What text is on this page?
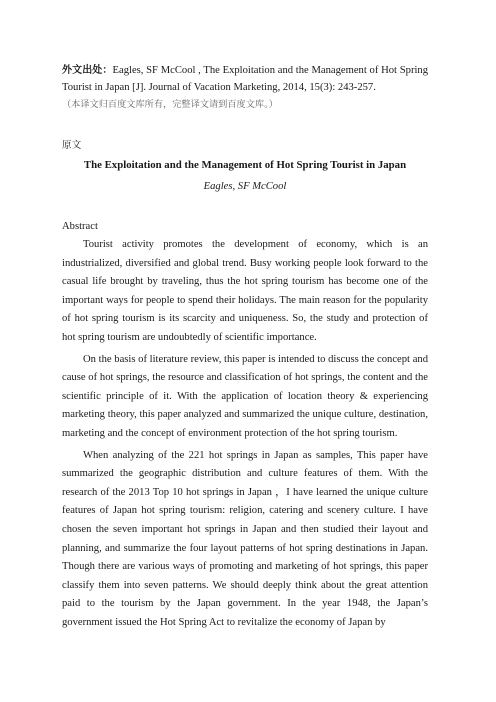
外文出处：Eagles, SF McCool , The Exploitation and the Management of Hot Spring Tourist in Japan [J]. Journal of Vacation Marketing, 2014, 15(3): 243-257.
（本译文归百度文库所有，完整译文请到百度文库。）
原文
The Exploitation and the Management of Hot Spring Tourist in Japan
Eagles, SF McCool
Abstract

Tourist activity promotes the development of economy, which is an industrialized, diversified and global trend. Busy working people look forward to the casual life brought by traveling, thus the hot spring tourism has become one of the important ways for people to spend their holidays. The main reason for the popularity of hot spring tourism is its scarcity and uniqueness. So, the study and protection of hot spring tourism are undoubtedly of scientific importance.

On the basis of literature review, this paper is intended to discuss the concept and cause of hot springs, the resource and classification of hot springs, the content and the scientific principle of it. With the application of location theory & experiencing marketing theory, this paper analyzed and summarized the unique culture, destination, marketing and the concept of environment protection of the hot spring tourism.

When analyzing of the 221 hot springs in Japan as samples, This paper have summarized the geographic distribution and culture features of them. With the research of the 2013 Top 10 hot springs in Japan ，I have learned the unique culture features of Japan hot spring tourism: religion, catering and scenery culture. I have chosen the seven important hot springs in Japan and then studied their layout and planning, and summarize the four layout patterns of hot spring destinations in Japan. Though there are various ways of promoting and marketing of hot springs, this paper classify them into seven patterns. We should deeply think about the great attention paid to the tourism by the Japan government. In the year 1948, the Japan’s government issued the Hot Spring Act to revitalize the economy of Japan by
